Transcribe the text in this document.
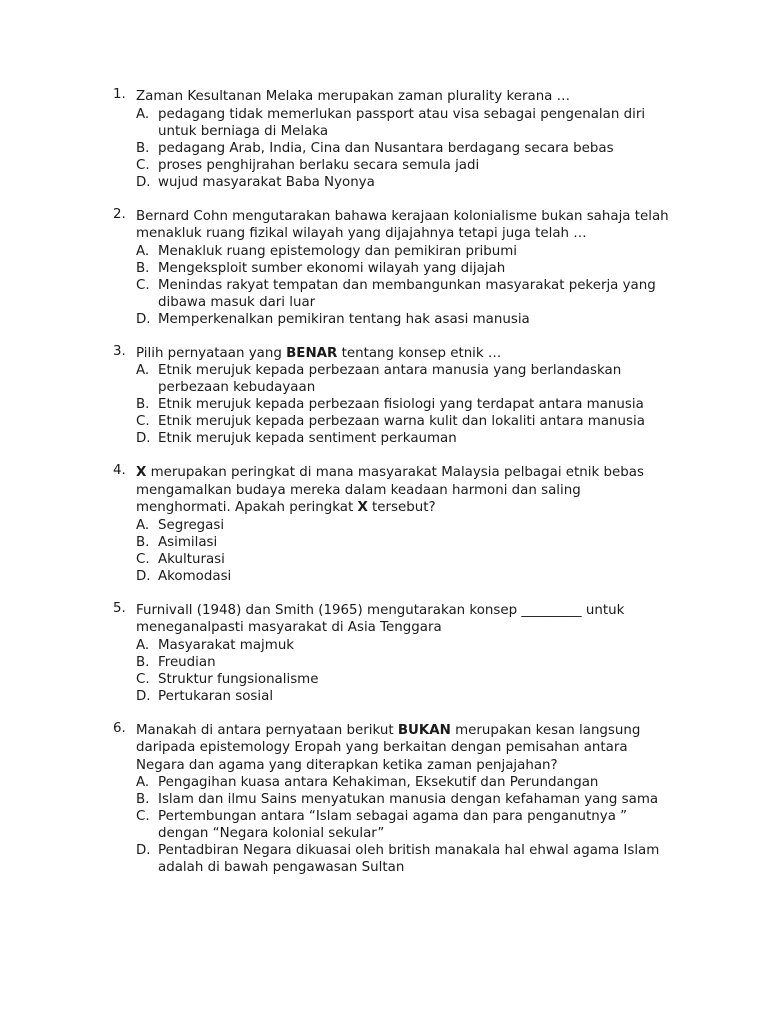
1. Zaman Kesultanan Melaka merupakan zaman plurality kerana …
A. pedagang tidak memerlukan passport atau visa sebagai pengenalan diri untuk berniaga di Melaka
B. pedagang Arab, India, Cina dan Nusantara berdagang secara bebas
C. proses penghijrahan berlaku secara semula jadi
D. wujud masyarakat Baba Nyonya
2. Bernard Cohn mengutarakan bahawa kerajaan kolonialisme bukan sahaja telah menakluk ruang fizikal wilayah yang dijajahnya tetapi juga telah …
A. Menakluk ruang epistemology dan pemikiran pribumi
B. Mengeksploit sumber ekonomi wilayah yang dijajah
C. Menindas rakyat tempatan dan membangunkan masyarakat pekerja yang dibawa masuk dari luar
D. Memperkenalkan pemikiran tentang hak asasi manusia
3. Pilih pernyataan yang BENAR tentang konsep etnik …
A. Etnik merujuk kepada perbezaan antara manusia yang berlandaskan perbezaan kebudayaan
B. Etnik merujuk kepada perbezaan fisiologi yang terdapat antara manusia
C. Etnik merujuk kepada perbezaan warna kulit dan lokaliti antara manusia
D. Etnik merujuk kepada sentiment perkauman
4. X merupakan peringkat di mana masyarakat Malaysia pelbagai etnik bebas mengamalkan budaya mereka dalam keadaan harmoni dan saling menghormati. Apakah peringkat X tersebut?
A. Segregasi
B. Asimilasi
C. Akulturasi
D. Akomodasi
5. Furnivall (1948) dan Smith (1965) mengutarakan konsep _________ untuk meneganalpasti masyarakat di Asia Tenggara
A. Masyarakat majmuk
B. Freudian
C. Struktur fungsionalisme
D. Pertukaran sosial
6. Manakah di antara pernyataan berikut BUKAN merupakan kesan langsung daripada epistemology Eropah yang berkaitan dengan pemisahan antara Negara dan agama yang diterapkan ketika zaman penjajahan?
A. Pengagihan kuasa antara Kehakiman, Eksekutif dan Perundangan
B. Islam dan ilmu Sains menyatukan manusia dengan kefahaman yang sama
C. Pertembungan antara “Islam sebagai agama dan para penganutnya ” dengan “Negara kolonial sekular”
D. Pentadbiran Negara dikuasai oleh british manakala hal ehwal agama Islam adalah di bawah pengawasan Sultan
